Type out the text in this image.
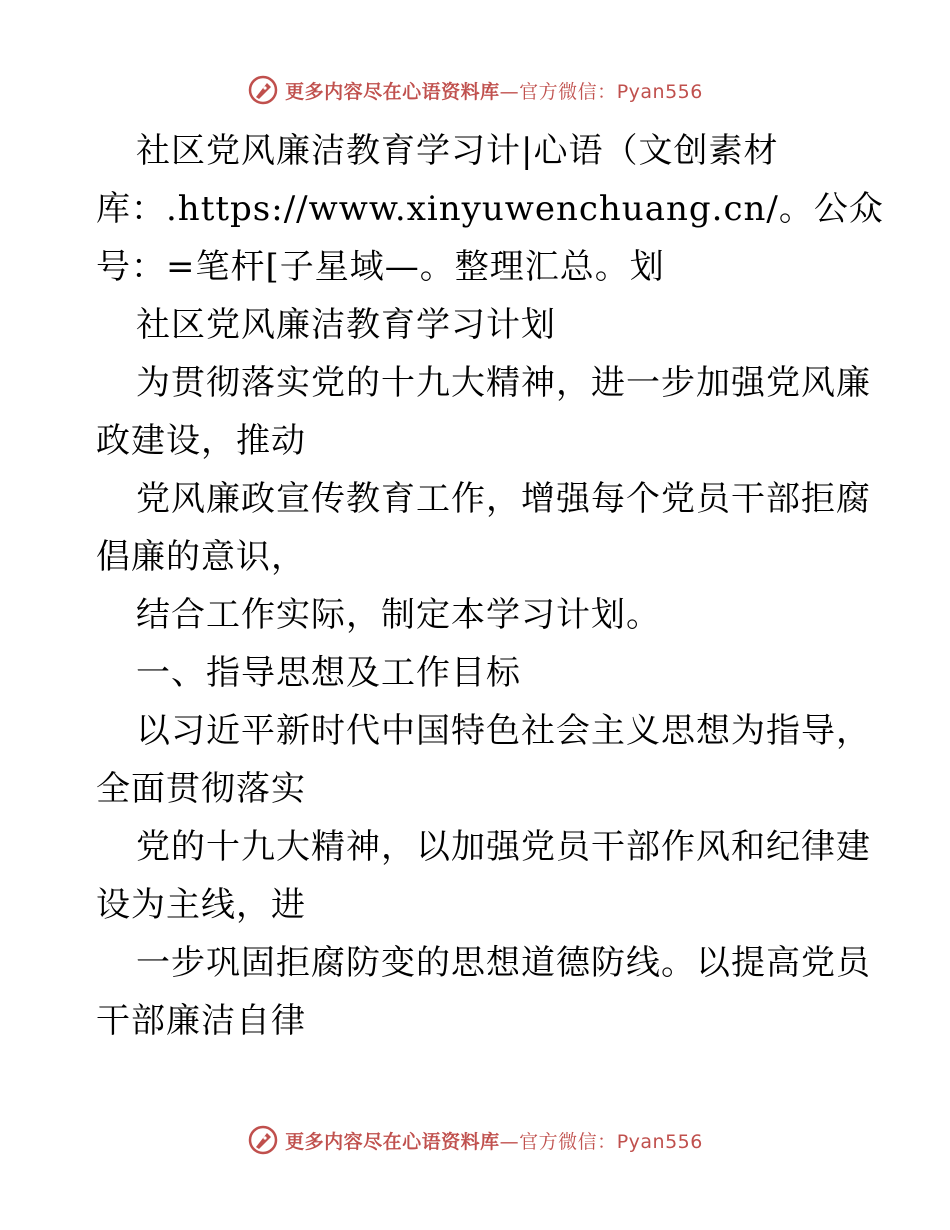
更多内容尽在心语资料库—官方微信：Pyan556
社区党风廉洁教育学习计|心语（文创素材
库：.https://www.xinyuwenchuang.cn/。公众
号：=笔杆[子星域—。整理汇总。划
社区党风廉洁教育学习计划
为贯彻落实党的十九大精神，进一步加强党风廉
政建设，推动
党风廉政宣传教育工作，增强每个党员干部拒腐
倡廉的意识，
结合工作实际，制定本学习计划。
一、指导思想及工作目标
以习近平新时代中国特色社会主义思想为指导，
全面贯彻落实
党的十九大精神，以加强党员干部作风和纪律建
设为主线，进
一步巩固拒腐防变的思想道德防线。以提高党员
干部廉洁自律
更多内容尽在心语资料库—官方微信：Pyan556
